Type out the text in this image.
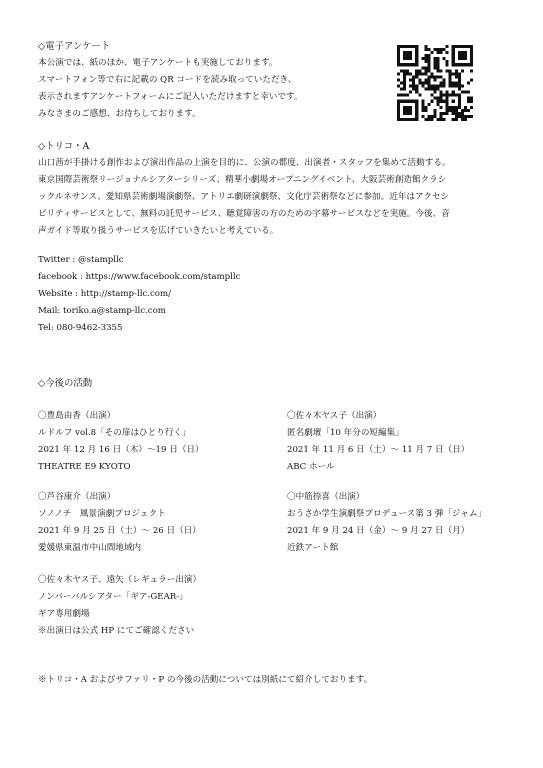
◇電子アンケート
本公演では、紙のほか、電子アンケートも実施しております。
スマートフォン等で右に記載の QR コードを読み取っていただき、
表示されますアンケートフォームにご記入いただけますと幸いです。
みなさまのご感想、お待ちしております。
◇トリコ・A
山口茜が手掛ける創作および演出作品の上演を目的に、公演の都度、出演者・スタッフを集めて活動する。
東京国際芸術祭リージョナルシアターシリーズ、精華小劇場オープニングイベント、大阪芸術創造館クラシ
ックルネサンス、愛知県芸術劇場演劇祭、アトリエ劇研演劇祭、文化庁芸術祭などに参加。近年はアクセシ
ビリティサービスとして、無料の託児サービス、聴覚障害の方のための字幕サービスなどを実施。今後、音
声ガイド等取り扱うサービスを広げていきたいと考えている。
Twitter : @stampllc
facebook : https://www.facebook.com/stampllc
Website : http://stamp-llc.com/
Mail: toriko.a@stamp-llc.com
Tel: 080-9462-3355
◇今後の活動
〇豊島由香（出演）
ルドルフ vol.8「その扉はひとり行く」
2021 年 12 月 16 日（木）〜19 日（日）
THEATRE E9 KYOTO
〇佐々木ヤス子（出演）
匿名劇壇「10 年分の短編集」
2021 年 11 月 6 日（土）〜 11 月 7 日（日）
ABC ホール
〇芦谷康介（出演）
ソノノチ　風景演劇プロジェクト
2021 年 9 月 25 日（土）〜 26 日（日）
愛媛県東温市中山間地域内
〇中筋捺喜（出演）
おうさか学生演劇祭プロデュース第 3 弾「ジャム」
2021 年 9 月 24 日（金）〜 9 月 27 日（月）
近鉄アート館
〇佐々木ヤス子、遠矢（レギュラー出演）
ノンバーバルシアター「ギア-GEAR-」
ギア専用劇場
※出演日は公式 HP にてご確認ください
※トリコ・A およびサファリ・P の今後の活動については別紙にて紹介しております。
